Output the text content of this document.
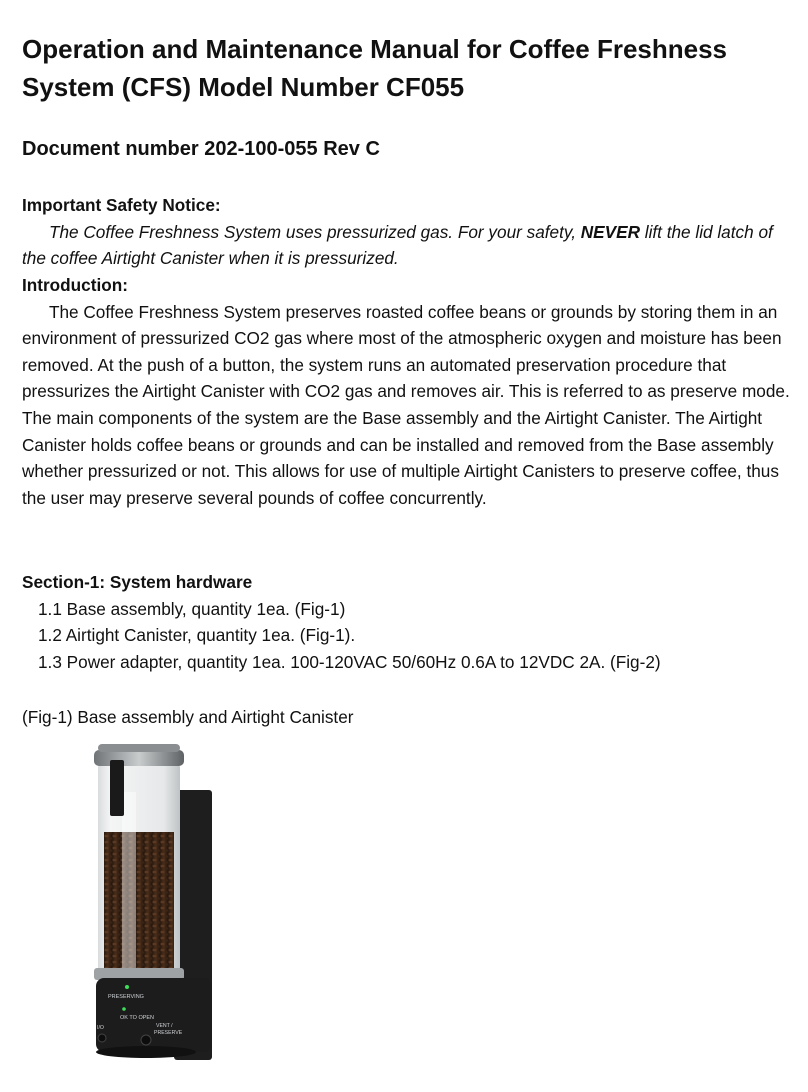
Operation and Maintenance Manual for Coffee Freshness System (CFS) Model Number CF055
Document number 202-100-055 Rev C
Important Safety Notice:
The Coffee Freshness System uses pressurized gas. For your safety, NEVER lift the lid latch of the coffee Airtight Canister when it is pressurized.
Introduction:
The Coffee Freshness System preserves roasted coffee beans or grounds by storing them in an environment of pressurized CO2 gas where most of the atmospheric oxygen and moisture has been removed. At the push of a button, the system runs an automated preservation procedure that pressurizes the Airtight Canister with CO2 gas and removes air. This is referred to as preserve mode. The main components of the system are the Base assembly and the Airtight Canister. The Airtight Canister holds coffee beans or grounds and can be installed and removed from the Base assembly whether pressurized or not. This allows for use of multiple Airtight Canisters to preserve coffee, thus the user may preserve several pounds of coffee concurrently.
Section-1: System hardware
1.1 Base assembly, quantity 1ea. (Fig-1)
1.2 Airtight Canister, quantity 1ea. (Fig-1).
1.3 Power adapter, quantity 1ea. 100-120VAC 50/60Hz 0.6A to 12VDC 2A. (Fig-2)
(Fig-1) Base assembly and Airtight Canister
PRESERVING
OK TO OPEN
VENT /
PRESERVE
I/O
